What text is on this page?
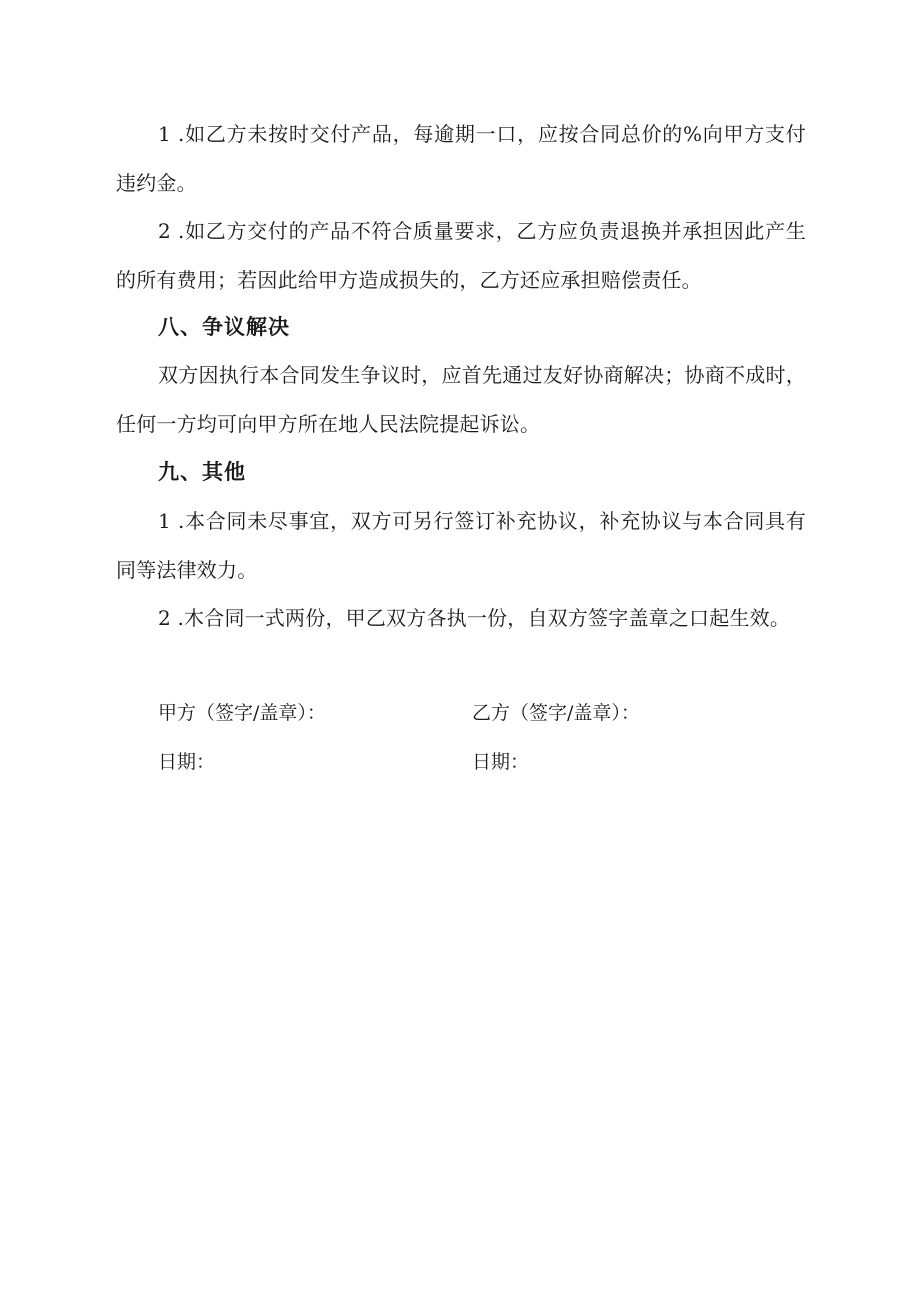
1 .如乙方未按时交付产品，每逾期一口，应按合同总价的%向甲方支付违约金。

2 .如乙方交付的产品不符合质量要求，乙方应负责退换并承担因此产生的所有费用；若因此给甲方造成损失的，乙方还应承担赔偿责任。

八、争议解决

双方因执行本合同发生争议时，应首先通过友好协商解决；协商不成时，任何一方均可向甲方所在地人民法院提起诉讼。

九、其他

1 .本合同未尽事宜，双方可另行签订补充协议，补充协议与本合同具有同等法律效力。

2 .木合同一式两份，甲乙双方各执一份，自双方签字盖章之口起生效。

甲方（签字/盖章）：	乙方（签字/盖章）：
日期：	日期：
